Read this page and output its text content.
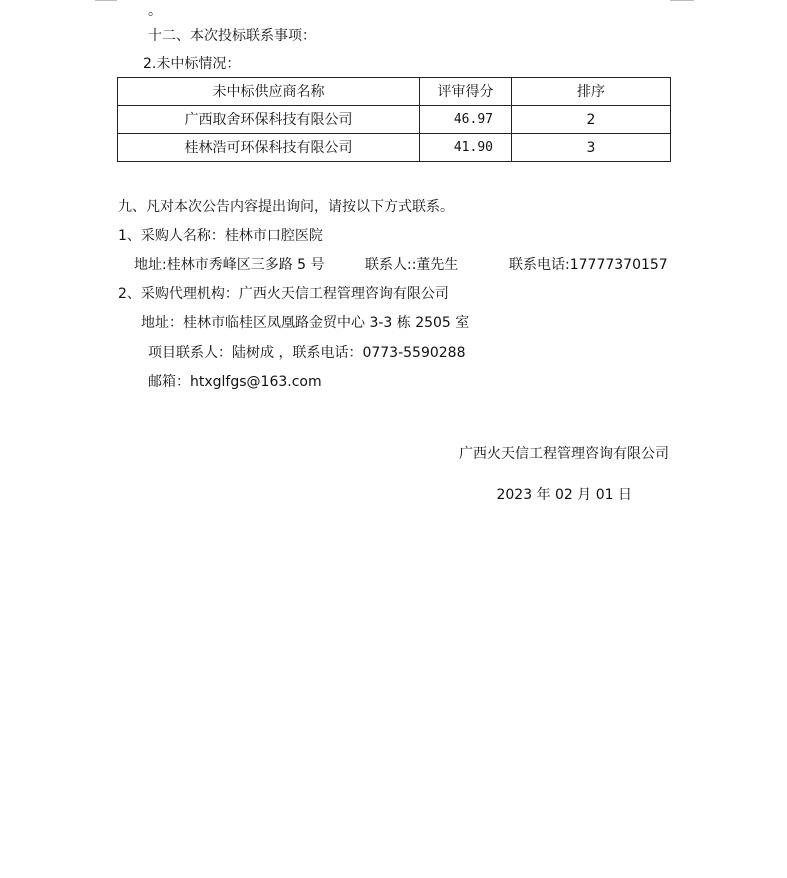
。
十二、本次投标联系事项：
2.未中标情况：
未中标供应商名称	评审得分	排序
广西取舍环保科技有限公司	46.97	2
桂林浩可环保科技有限公司	41.90	3
九、凡对本次公告内容提出询问，请按以下方式联系。
1、采购人名称：桂林市口腔医院
地址:桂林市秀峰区三多路 5 号	联系人::董先生	联系电话:17777370157
2、采购代理机构：广西火天信工程管理咨询有限公司
地址：桂林市临桂区凤凰路金贸中心 3-3 栋 2505 室
项目联系人：陆树成 ，联系电话：0773-5590288
邮箱：htxglfgs@163.com
广西火天信工程管理咨询有限公司
2023 年 02 月 01 日
